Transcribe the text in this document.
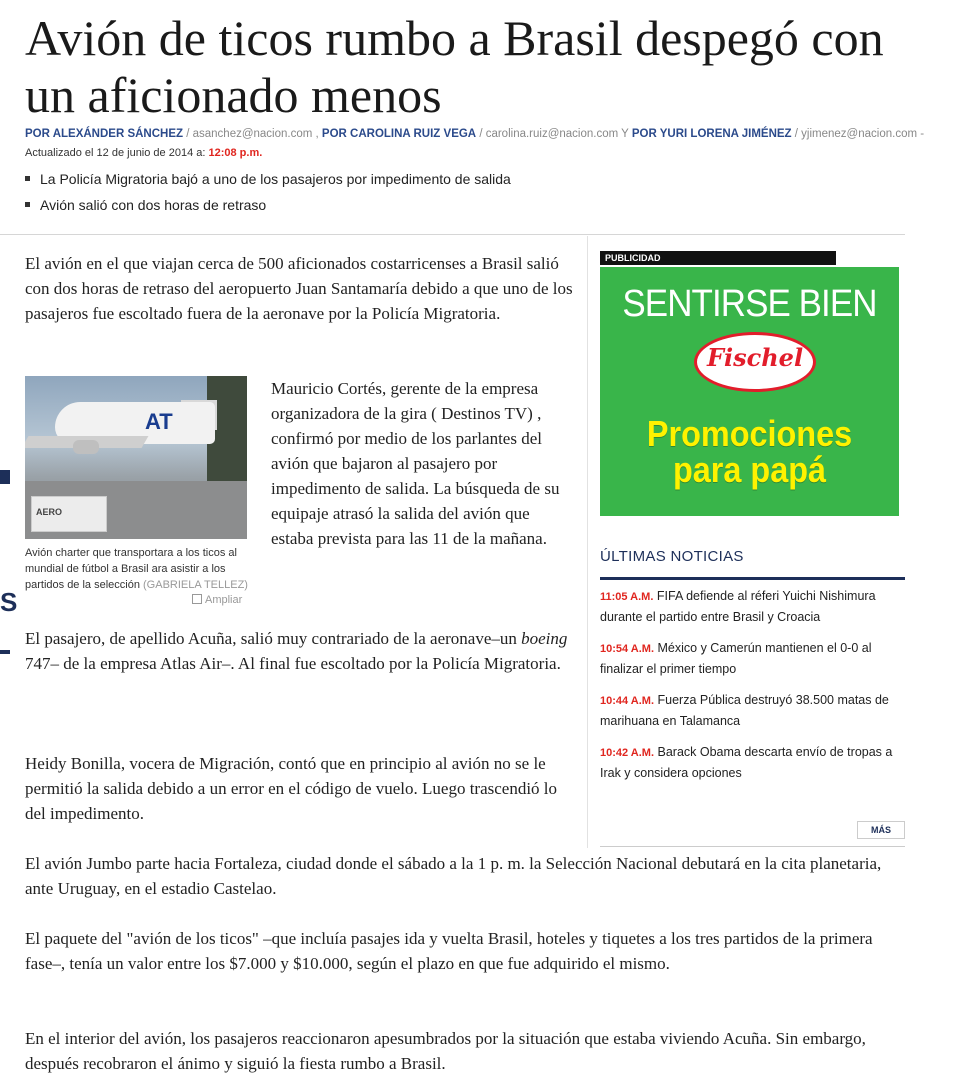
S
Avión de ticos rumbo a Brasil despegó con un aficionado menos
POR ALEXÁNDER SÁNCHEZ / asanchez@nacion.com , POR CAROLINA RUIZ VEGA / carolina.ruiz@nacion.com Y POR YURI LORENA JIMÉNEZ / yjimenez@nacion.com -
Actualizado el 12 de junio de 2014 a: 12:08 p.m.
La Policía Migratoria bajó a uno de los pasajeros por impedimento de salida
Avión salió con dos horas de retraso

El avión en el que viajan cerca de 500 aficionados costarricenses a Brasil salió con dos horas de retraso del aeropuerto Juan Santamaría debido a que uno de los pasajeros fue escoltado fuera de la aeronave por la Policía Migratoria.

AT
AERO

Mauricio Cortés, gerente de la empresa organizadora de la gira ( Destinos TV) , confirmó por medio de los parlantes del avión que bajaron al pasajero por impedimento de salida. La búsqueda de su equipaje atrasó la salida del avión que estaba prevista para las 11 de la mañana.

Avión charter que transportara a los ticos al mundial de fútbol a Brasil ara asistir a los partidos de la selección (GABRIELA TELLEZ)
Ampliar

El pasajero, de apellido Acuña, salió muy contrariado de la aeronave–un boeing 747– de la empresa Atlas Air–. Al final fue escoltado por la Policía Migratoria.

Heidy Bonilla, vocera de Migración, contó que en principio al avión no se le permitió la salida debido a un error en el código de vuelo. Luego trascendió lo del impedimento.

El avión Jumbo parte hacia Fortaleza, ciudad donde el sábado a la 1 p. m. la Selección Nacional debutará en la cita planetaria, ante Uruguay, en el estadio Castelao.

El paquete del "avión de los ticos" –que incluía pasajes ida y vuelta Brasil, hoteles y tiquetes a los tres partidos de la primera fase–, tenía un valor entre los $7.000 y $10.000, según el plazo en que fue adquirido el mismo.

En el interior del avión, los pasajeros reaccionaron apesumbrados por la situación que estaba viviendo Acuña. Sin embargo, después recobraron el ánimo y siguió la fiesta rumbo a Brasil.

PUBLICIDAD
SENTIRSE BIEN
Fischel
Promociones
para papá
ÚLTIMAS NOTICIAS
11:05 A.M. FIFA defiende al réferi Yuichi Nishimura durante el partido entre Brasil y Croacia
10:54 A.M. México y Camerún mantienen el 0-0 al finalizar el primer tiempo
10:44 A.M. Fuerza Pública destruyó 38.500 matas de marihuana en Talamanca
10:42 A.M. Barack Obama descarta envío de tropas a Irak y considera opciones
MÁS
